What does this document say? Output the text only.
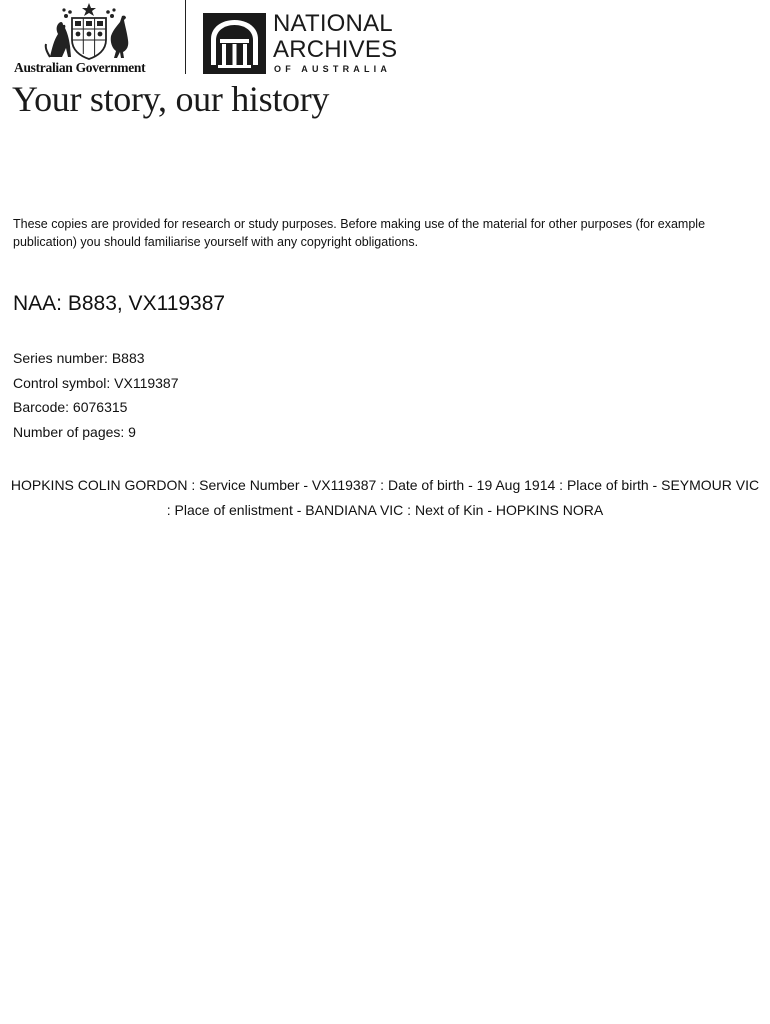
Australian Government
NATIONAL
ARCHIVES
OF AUSTRALIA
Your story, our history

These copies are provided for research or study purposes. Before making use of the material for other purposes (for example publication) you should familiarise yourself with any copyright obligations.

NAA: B883, VX119387
Series number: B883
Control symbol: VX119387
Barcode: 6076315
Number of pages: 9
HOPKINS COLIN GORDON : Service Number - VX119387 : Date of birth - 19 Aug 1914 : Place of birth - SEYMOUR VIC : Place of enlistment - BANDIANA VIC : Next of Kin - HOPKINS NORA
